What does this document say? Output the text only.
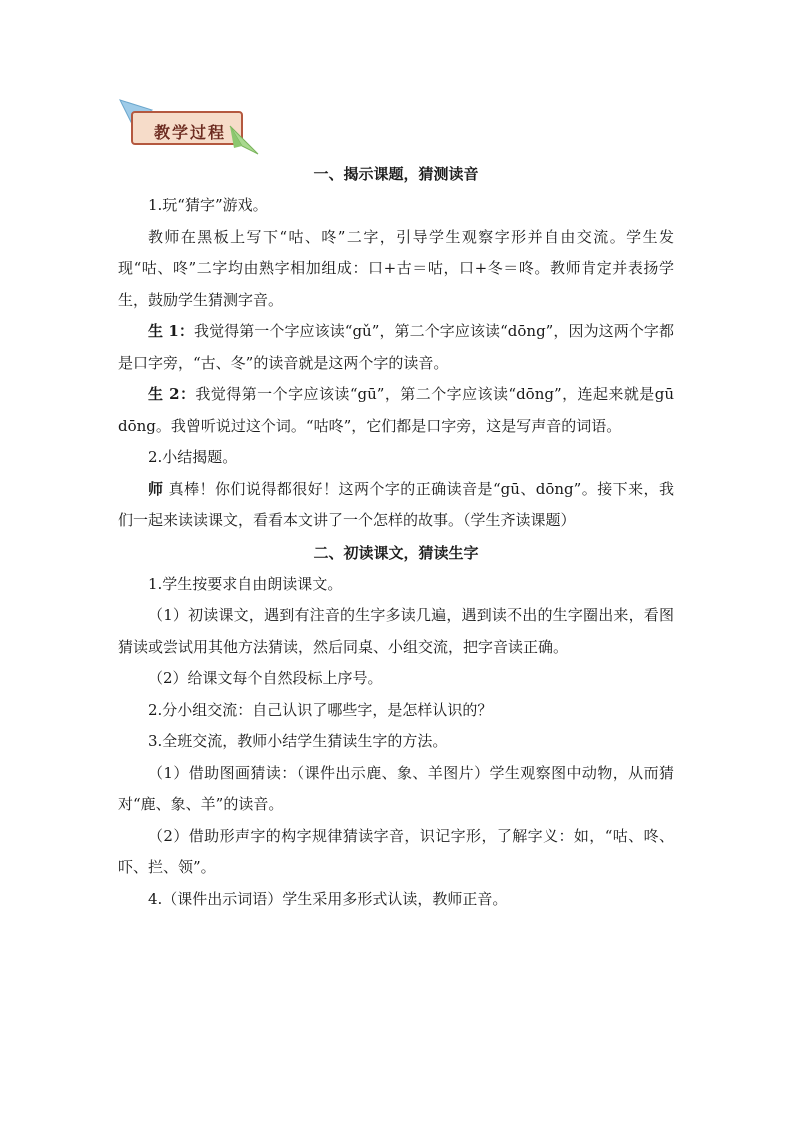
教学过程
一、揭示课题，猜测读音

1.玩“猜字”游戏。

教师在黑板上写下“咕、咚”二字，引导学生观察字形并自由交流。学生发现“咕、咚”二字均由熟字相加组成：口+古＝咕，口+冬＝咚。教师肯定并表扬学生，鼓励学生猜测字音。

生 1：我觉得第一个字应该读“gǔ”，第二个字应该读“dōng”，因为这两个字都是口字旁，“古、冬”的读音就是这两个字的读音。

生 2：我觉得第一个字应该读“gū”，第二个字应该读“dōng”，连起来就是gū dōng。我曾听说过这个词。“咕咚”，它们都是口字旁，这是写声音的词语。

2.小结揭题。

师 真棒！你们说得都很好！这两个字的正确读音是“gū、dōng”。接下来，我们一起来读读课文，看看本文讲了一个怎样的故事。（学生齐读课题）

二、初读课文，猜读生字

1.学生按要求自由朗读课文。

（1）初读课文，遇到有注音的生字多读几遍，遇到读不出的生字圈出来，看图猜读或尝试用其他方法猜读，然后同桌、小组交流，把字音读正确。

（2）给课文每个自然段标上序号。

2.分小组交流：自己认识了哪些字，是怎样认识的？

3.全班交流，教师小结学生猜读生字的方法。

（1）借助图画猜读：（课件出示鹿、象、羊图片）学生观察图中动物，从而猜对“鹿、象、羊”的读音。

（2）借助形声字的构字规律猜读字音，识记字形，了解字义：如，“咕、咚、吓、拦、领”。

4.（课件出示词语）学生采用多形式认读，教师正音。
